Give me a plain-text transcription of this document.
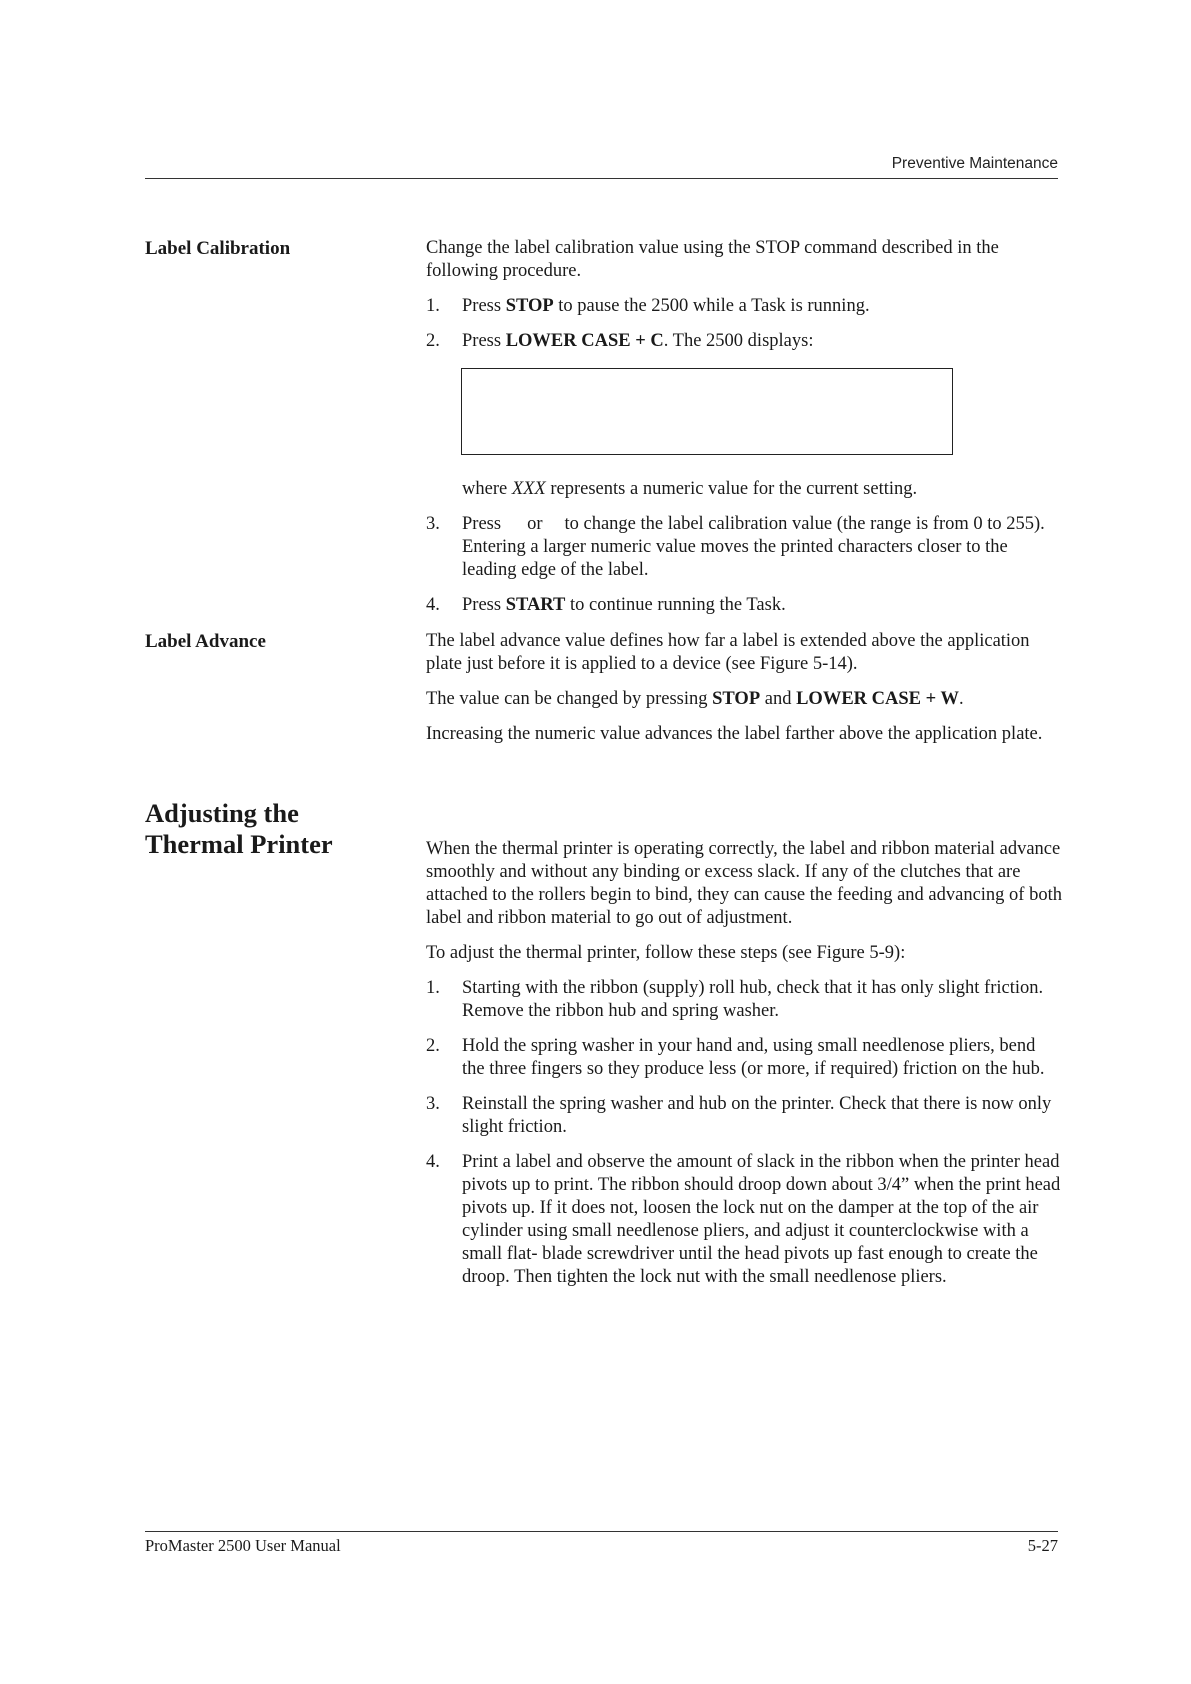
Preventive Maintenance
Label Calibration	Change the label calibration value using the STOP command described in the following procedure.

1. Press STOP to pause the 2500 while a Task is running.
2. Press LOWER CASE + C. The 2500 displays:
where XXX represents a numeric value for the current setting.
3. Press or to change the label calibration value (the range is from 0 to 255). Entering a larger numeric value moves the printed characters closer to the leading edge of the label.
4. Press START to continue running the Task.
Label Advance	The label advance value defines how far a label is extended above the application plate just before it is applied to a device (see Figure 5-14).

The value can be changed by pressing STOP and LOWER CASE + W.

Increasing the numeric value advances the label farther above the application plate.

Adjusting the
Thermal Printer	When the thermal printer is operating correctly, the label and ribbon material advance smoothly and without any binding or excess slack. If any of the clutches that are attached to the rollers begin to bind, they can cause the feeding and advancing of both label and ribbon material to go out of adjustment.

To adjust the thermal printer, follow these steps (see Figure 5-9):

1. Starting with the ribbon (supply) roll hub, check that it has only slight friction. Remove the ribbon hub and spring washer.
2. Hold the spring washer in your hand and, using small needlenose pliers, bend the three fingers so they produce less (or more, if required) friction on the hub.
3. Reinstall the spring washer and hub on the printer. Check that there is now only slight friction.
4. Print a label and observe the amount of slack in the ribbon when the printer head pivots up to print. The ribbon should droop down about 3/4” when the print head pivots up. If it does not, loosen the lock nut on the damper at the top of the air cylinder using small needlenose pliers, and adjust it counterclockwise with a small flat- blade screwdriver until the head pivots up fast enough to create the droop. Then tighten the lock nut with the small needlenose pliers.
ProMaster 2500 User Manual	5-27
